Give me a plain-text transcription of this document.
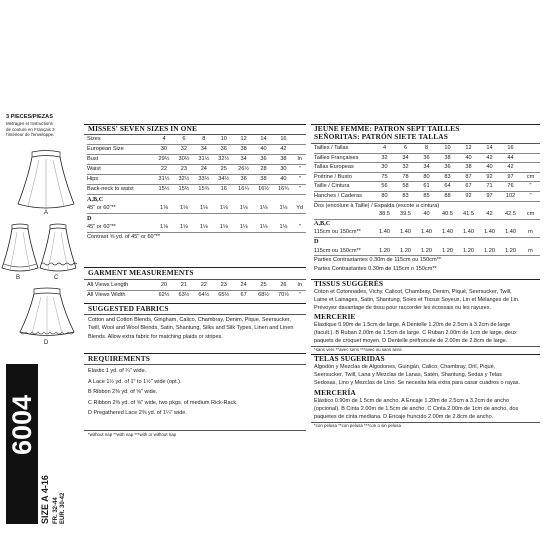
3 PIECES/PIEZAS
Métrages et Instructions
de couture en Français 3
l'intérieur de l'enveloppe.
A
B	C
D
6004
SIZE A 4-16 FR. 32-44 EUR. 30-42
MISSES' SEVEN SIZES IN ONE
Sizes	4	6	8	10	12	14	16	
European Size	30	32	34	36	38	40	42	
Bust	29½	30½	31½	32½	34	36	38	In
Waist	22	23	24	25	26½	28	30	"
Hips	31½	32½	33½	34½	36	38	40	"
Back-neck to waist	15½	15½	15¾	16	16¼	16½	16¾	"
A,B,C								
45" or 60"**	1⅛	1⅛	1⅛	1⅛	1⅛	1⅛	1⅛	Yd
D								
45" or 60"**	1⅛	1⅛	1⅛	1⅛	1⅛	1⅛	1⅛	"
Contrast ⅝ yd. of 45" or 60"**								
GARMENT MEASUREMENTS
All Views Length	20	21	22	23	24	25	26	In
All Views Width	62½	63½	64½	65½	67	68½	70½	"
SUGGESTED FABRICS
Cotton and Cotton Blends, Gingham, Calico, Chambray, Denim, Pique, Seersucker,
Twill, Wool and Wool Blends, Satin, Shantung, Silks and Silk Types, Linen and Linen
Blends. Allow extra fabric for matching plaids or stripes.
REQUIREMENTS
Elastic 1 yd. of ¼" wide.
A Lace 1½ yd. of 1" to 1½" wide (opt.).
B Ribbon 2⅜ yd. of ⅝" wide.
C Ribbon 2⅜ yd. of ⅝" wide, two pkgs. of medium Rick-Rack.
D Pregathered Lace 2⅜ yd. of 1¼" wide.
*without nap **with nap ***with or without nap
JEUNE FEMME: PATRON SEPT TAILLES
SEÑORITAS: PATRÓN SIETE TALLAS
Tailles / Tallas	4	6	8	10	12	14	16	
Tailles Françaises	32	34	36	38	40	42	44	
Tallas Europeas	30	32	34	36	38	40	42	
Poitrine / Busto	75	78	80	83	87	92	97	cm
Taille / Cintura	56	58	61	64	67	71	76	"
Hanches / Caderas	80	83	85	88	92	97	102	"
Dos (encolure à Taille) / Espalda (escote a cintura)								
	38.5	39.5	40	40.5	41.5	42	42.5	cm
A,B,C								
115cm ou 150cm**	1.40	1.40	1.40	1.40	1.40	1.40	1.40	m
D								
115cm ou 150cm**	1.20	1.20	1.20	1.20	1.20	1.20	1.20	m
Parties Contrastantes 0.30m de 115cm ou 150cm**								
Partes Contrastantes 0.30m de 115cm o 150cm**								
TISSUS SUGGÉRÉS
Coton et Cotonnades, Vichy, Calicot, Chambray, Denim, Piqué, Seersucker, Twill,
Laine et Lainages, Satin, Shantung, Soies et Tissus Soyeux, Lin et Mélanges de Lin.
Prévoyez davantage de tissu pour raccorder les écossais ou les rayures.
MERCERIE
Élastique 0.90m de 1.5cm de large. A Dentelle 1.20m de 2.5cm à 3.2cm de large
(facult.). B Ruban 2.00m de 1.5cm de large. C Ruban 2.00m de 1cm de large, deux
paquets de croquet moyen. D Dentelle préfroncée de 2.00m de 2.8cm de large.
*sans vers **avec sens ***avec ou sans sens
TELAS SUGERIDAS
Algodón y Mezclas de Algodones, Guingán, Calico, Chambray, Dril, Piqué,
Seersucker, Twill, Lana y Mezclas de Lanas, Satén, Shantung, Sedas y Telas
Sedosas, Lino y Mezclas de Lino. Se necesita tela extra para casar cuadros o rayas.
MERCERÍA
Elástico 0.90m de 1.5cm de ancho. A Encaje 1.20m de 2.5cm a 3.2cm de ancho
(opcional). B Cinta 2.00m de 1.5cm de ancho. C Cinta 2.00m de 1cm de ancho, dos
paquetes de cinta mediana. D Encaje fruncido 2.00m de 2.8cm de ancho.
*con pelusa **con pelusa ***con o sin pelusa
